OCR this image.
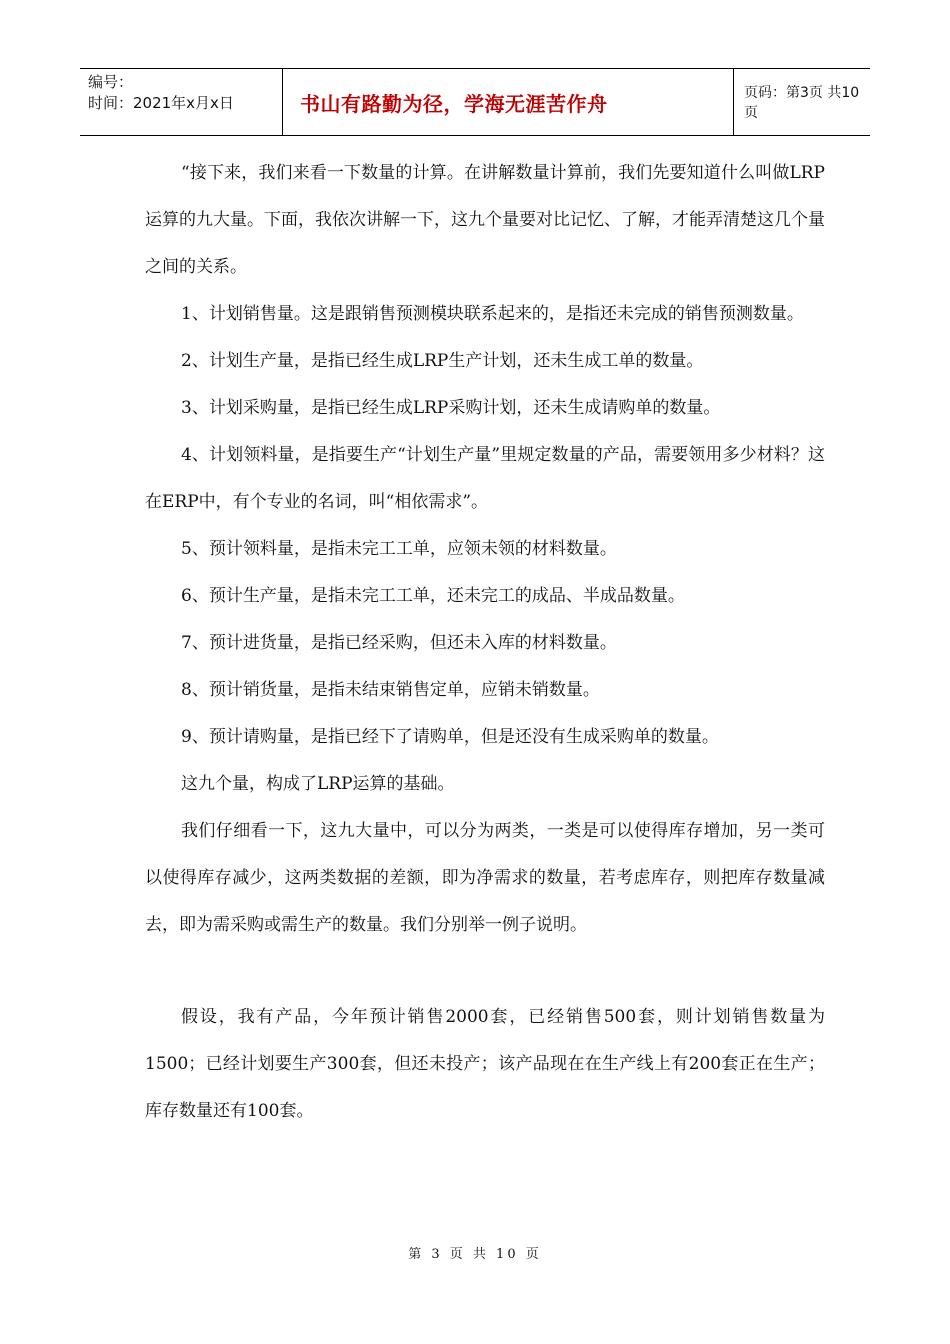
编号：
时间：2021年x月x日	书山有路勤为径，学海无涯苦作舟	页码：第3页 共10页

“接下来，我们来看一下数量的计算。在讲解数量计算前，我们先要知道什么叫做LRP运算的九大量。下面，我依次讲解一下，这九个量要对比记忆、了解，才能弄清楚这几个量之间的关系。

1、计划销售量。这是跟销售预测模块联系起来的，是指还未完成的销售预测数量。

2、计划生产量，是指已经生成LRP生产计划，还未生成工单的数量。

3、计划采购量，是指已经生成LRP采购计划，还未生成请购单的数量。

4、计划领料量，是指要生产“计划生产量”里规定数量的产品，需要领用多少材料？这在ERP中，有个专业的名词，叫“相依需求”。

5、预计领料量，是指未完工工单，应领未领的材料数量。

6、预计生产量，是指未完工工单，还未完工的成品、半成品数量。

7、预计进货量，是指已经采购，但还未入库的材料数量。

8、预计销货量，是指未结束销售定单，应销未销数量。

9、预计请购量，是指已经下了请购单，但是还没有生成采购单的数量。

这九个量，构成了LRP运算的基础。

我们仔细看一下，这九大量中，可以分为两类，一类是可以使得库存增加，另一类可以使得库存减少，这两类数据的差额，即为净需求的数量，若考虑库存，则把库存数量减去，即为需采购或需生产的数量。我们分别举一例子说明。

假设，我有产品，今年预计销售2000套，已经销售500套，则计划销售数量为1500；已经计划要生产300套，但还未投产；该产品现在在生产线上有200套正在生产；库存数量还有100套。

第 3 页 共 10 页
